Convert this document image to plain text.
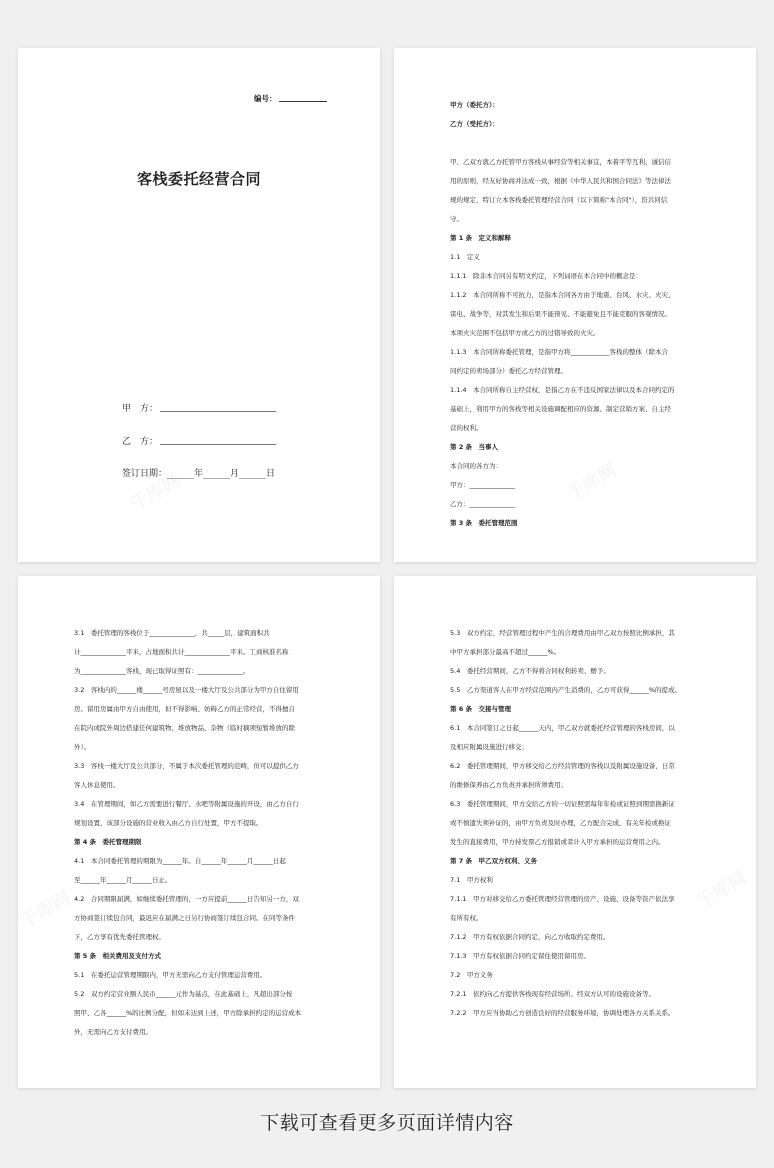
编号：
客栈委托经营合同
甲　方：
乙　方：
签订日期：______年______月______日

甲方（委托方）：

乙方（受托方）：

甲、乙双方就乙方托管甲方客栈从事经营等相关事宜，本着平等互利、诚信信

用的原则，经友好协商并达成一致，根据《中华人民共和国合同法》等法律法

规的规定，特订立本客栈委托管理经营合同（以下简称"本合同"），资共同信

守。

第 1 条　定义和解释

1.1　定义

1.1.1　除非本合同另有明文约定，下列词语在本合同中的概念是：

1.1.2　本合同所称不可抗力，是指本合同各方由于地震、台风、水灾、火灾、

雷电、战争等，对其发生和后果不能预见、不能避免且不能克服的客观情况。

本项火灾范围不包括甲方或乙方的过错导致的火灾。

1.1.3　本合同所称委托管理，是指甲方将____________客栈的整体（除本合

同约定的卖场部分）委托乙方经营管理。

1.1.4　本合同所称自主经营权，是指乙方在不违反国家法律以及本合同约定的

基础上，利用甲方的客栈等相关设施调配相应的资源、制定营销方案、自主经

营的权利。

第 2 条　当事人

本合同的各方为：

甲方：______________

乙方：______________

第 3 条　委托管理范围

3.1　委托管理的客栈位于______________，共_____层，建筑面积共

计______________平米，占地面积共计______________平米。工商核准名称

为______________客栈，现已取得证照有：______________。

3.2　客栈内的______楼______号房屋以及一楼大厅及公共部分为甲方自住留用

房。留用房属由甲方自由使用，但不得影响、妨碍乙方的正常经营，不得擅自

在院内或院外周边搭建任何建筑物、堆放物品、杂物（临时摘项短暂堆放的除

外）。

3.3　客栈一楼大厅及公共部分，不属于本次委托管理的范畴，但可以提供乙方

客人休息使用。

3.4　在管理期间，如乙方需要进行餐厅、水吧等附属设施的开设，由乙方自行

规划设置，该部分设施的营业收入由乙方自行处置，甲方不提取。

第 4 条　委托管理期限

4.1　本合同委托管理的期限为______年。自______年______月______日起

至______年______月______日止。

4.2　合同期限届满，如继续委托管理的，一方应提前______日告知另一方，双

方协商签订续包合同，最迟应在届满之日另行协商签订续包合同。在同等条件

下，乙方享有优先委托管理权。

第 5 条　相关费用及支付方式

5.1　在委托运营管理期限内，甲方无需向乙方支付管理运营费用。

5.2　双方约定营业额人民币______元作为基点，在此基础上，凡超出部分按

照甲、乙各______%的比例分配，但如未达到上述，甲方除承担约定的运营成本

外，无需向乙方支付费用。

5.3　双方约定，经营管理过程中产生的合理费用由甲乙双方按照比例承担，其

中甲方承担部分最高不超过______%。

5.4　委托经营期间，乙方不得将合同权利转卖、赠予。

5.5　乙方渠道客人在甲方经营范围内产生消费的，乙方可获得______%的提成。

第 6 条　交接与管理

6.1　本合同签订之日起______天内，甲乙双方就委托经营管理的客栈房间，以

及相应附属设施进行移交；

6.2　委托管理期间，甲方移交给乙方经营管理的客栈以及附属设施设备，日常

的维修保养由乙方负责并承担所须费用；

6.3　委托管理期间，甲方交给乙方的一切证照需每年年检或证照到期需换新证

或不慎遗失须补证的，由甲方负责及时办理，乙方配合完成，有关年检或换证

发生的直接费用，甲方持发票乙方报销或者计入甲方承担的运营费用之内。

第 7 条　甲乙双方权利、义务

7.1　甲方权利

7.1.1　甲方对移交给乙方委托管理经营管理的房产、设施、设备等资产依法享

有所有权。

7.1.2　甲方有权依据合同约定，向乙方收取约定费用。

7.1.3　甲方有权依据合同约定留住使用留用房。

7.2　甲方义务

7.2.1　依约向乙方提供客栈现有经营场所、经双方认可的设施设备等。

7.2.2　甲方应当协助乙方创造良好的经营服务环境，协调处理各方关系关系。

下载可查看更多页面详情内容
